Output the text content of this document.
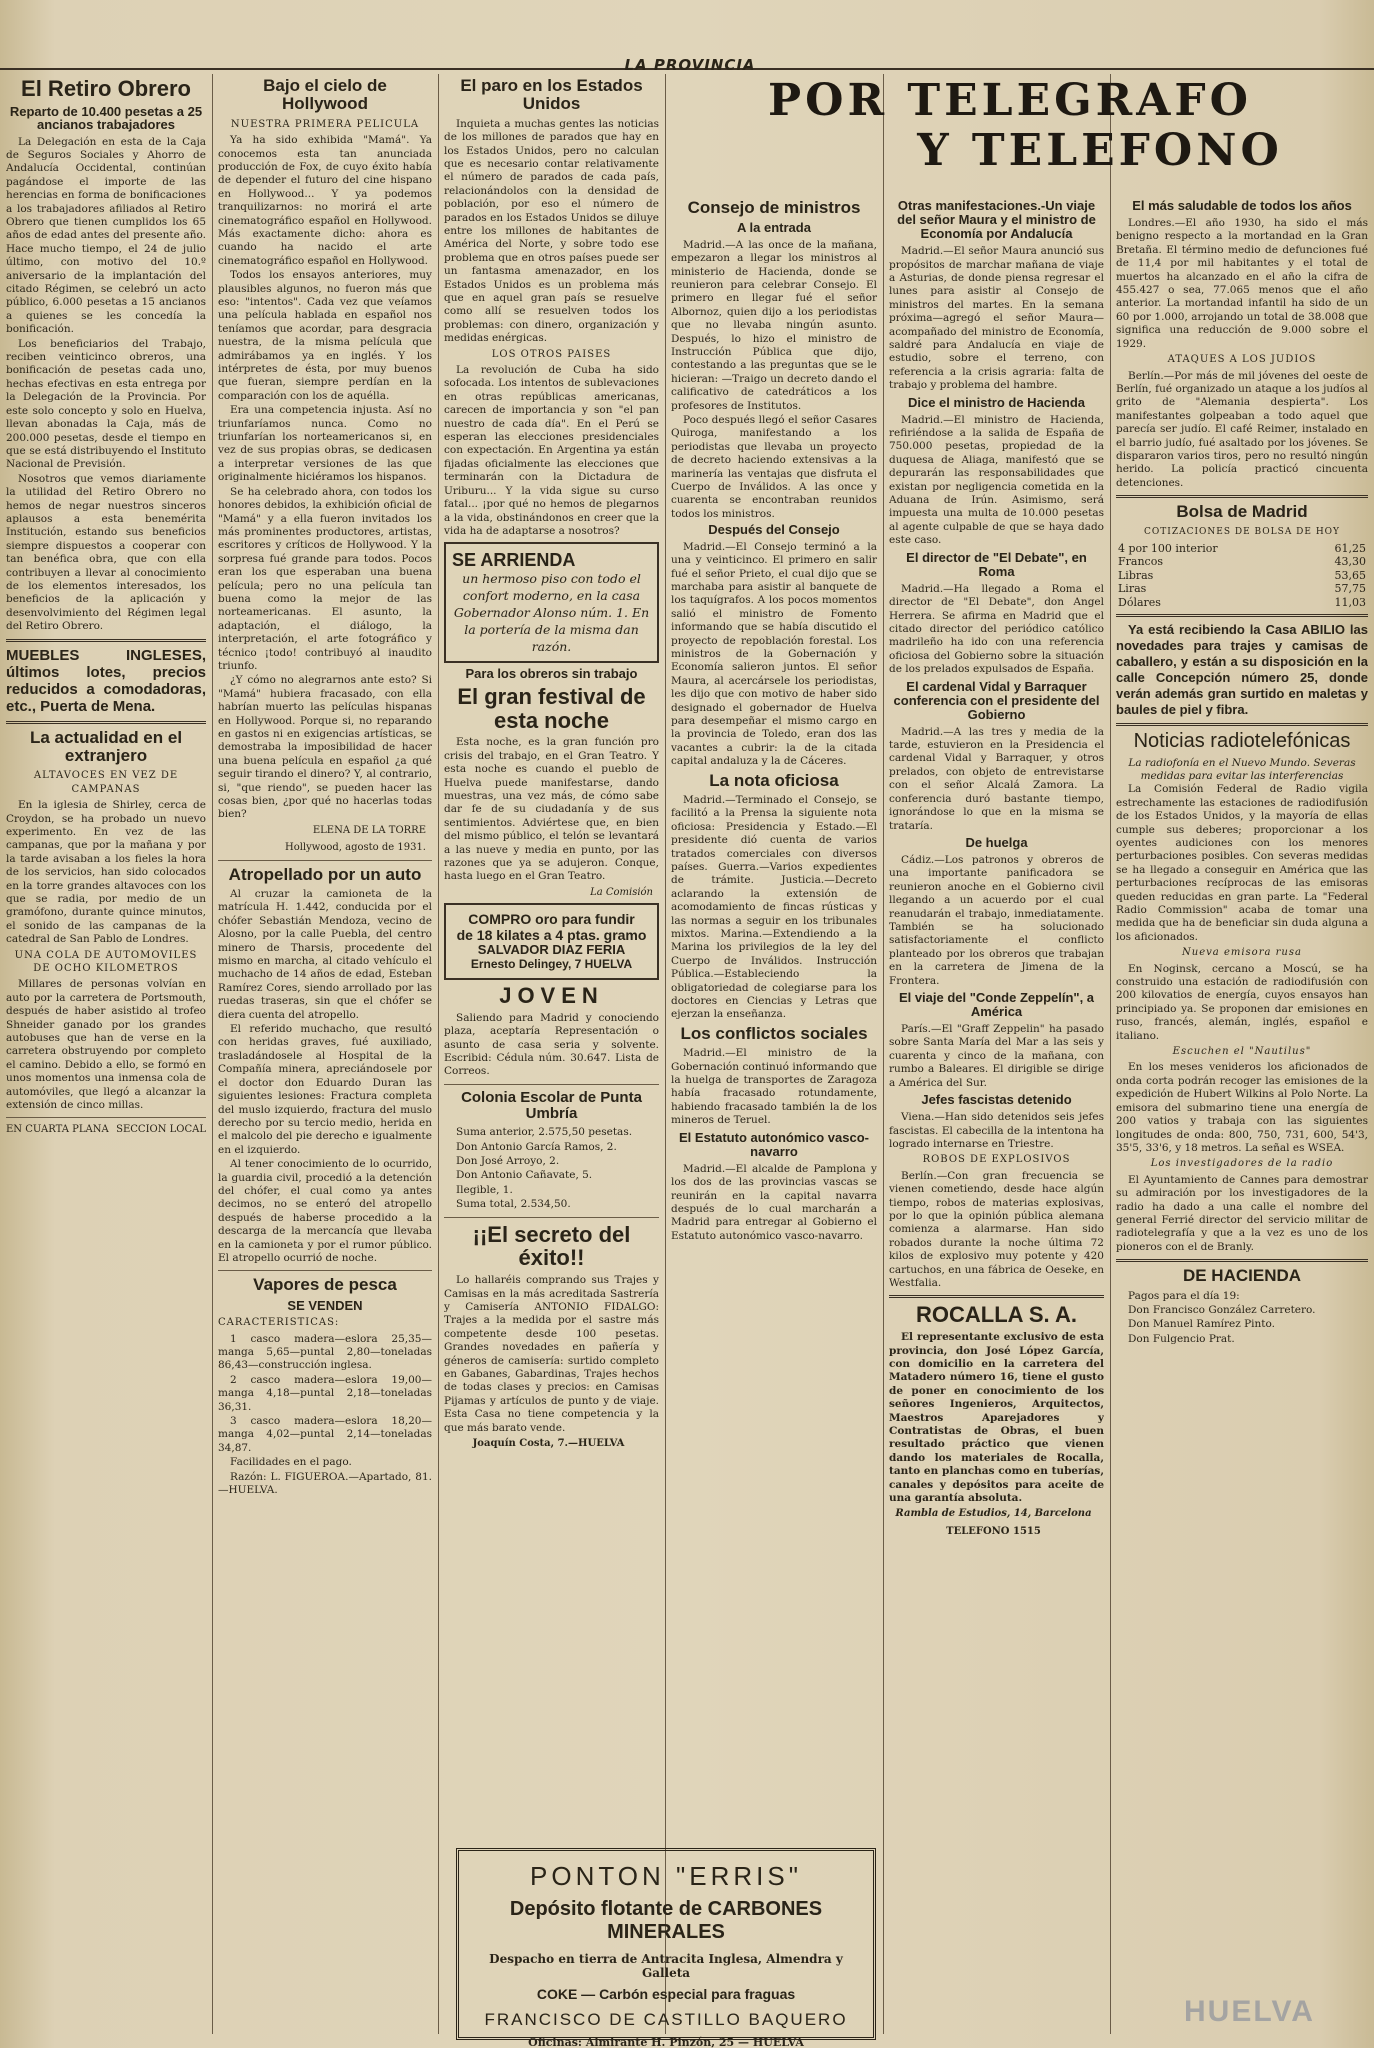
LA PROVINCIA
El Retiro Obrero
Reparto de 10.400 pesetas a 25 ancianos trabajadores

La Delegación en esta de la Caja de Seguros Sociales y Ahorro de Andalucía Occidental, continúan pagándose el importe de las herencias en forma de bonificaciones a los trabajadores afiliados al Retiro Obrero que tienen cumplidos los 65 años de edad antes del presente año. Hace mucho tiempo, el 24 de julio último, con motivo del 10.º aniversario de la implantación del citado Régimen, se celebró un acto público, 6.000 pesetas a 15 ancianos a quienes se les concedía la bonificación.

Los beneficiarios del Trabajo, reciben veinticinco obreros, una bonificación de pesetas cada uno, hechas efectivas en esta entrega por la Delegación de la Provincia. Por este solo concepto y solo en Huelva, llevan abonadas la Caja, más de 200.000 pesetas, desde el tiempo en que se está distribuyendo el Instituto Nacional de Previsión.

Nosotros que vemos diariamente la utilidad del Retiro Obrero no hemos de negar nuestros sinceros aplausos a esta benemérita Institución, estando sus beneficios siempre dispuestos a cooperar con tan benéfica obra, que con ella contribuyen a llevar al conocimiento de los elementos interesados, los beneficios de la aplicación y desenvolvimiento del Régimen legal del Retiro Obrero.

MUEBLES INGLESES, últimos lotes, precios reducidos a comodadoras, etc., Puerta de Mena.
La actualidad en el extranjero
ALTAVOCES EN VEZ DE CAMPANAS

En la iglesia de Shirley, cerca de Croydon, se ha probado un nuevo experimento. En vez de las campanas, que por la mañana y por la tarde avisaban a los fieles la hora de los servicios, han sido colocados en la torre grandes altavoces con los que se radia, por medio de un gramófono, durante quince minutos, el sonido de las campanas de la catedral de San Pablo de Londres.

UNA COLA DE AUTOMOVILES DE OCHO KILOMETROS

Millares de personas volvían en auto por la carretera de Portsmouth, después de haber asistido al trofeo Shneider ganado por los grandes autobuses que han de verse en la carretera obstruyendo por completo el camino. Debido a ello, se formó en unos momentos una inmensa cola de automóviles, que llegó a alcanzar la extensión de cinco millas.

EN CUARTA PLANA SECCION LOCAL
Bajo el cielo de Hollywood
NUESTRA PRIMERA PELICULA

Ya ha sido exhibida "Mamá". Ya conocemos esta tan anunciada producción de Fox, de cuyo éxito había de depender el futuro del cine hispano en Hollywood... Y ya podemos tranquilizarnos: no morirá el arte cinematográfico español en Hollywood. Más exactamente dicho: ahora es cuando ha nacido el arte cinematográfico español en Hollywood.

Todos los ensayos anteriores, muy plausibles algunos, no fueron más que eso: "intentos". Cada vez que veíamos una película hablada en español nos teníamos que acordar, para desgracia nuestra, de la misma película que admirábamos ya en inglés. Y los intérpretes de ésta, por muy buenos que fueran, siempre perdían en la comparación con los de aquélla.

Era una competencia injusta. Así no triunfaríamos nunca. Como no triunfarían los norteamericanos si, en vez de sus propias obras, se dedicasen a interpretar versiones de las que originalmente hiciéramos los hispanos.

Se ha celebrado ahora, con todos los honores debidos, la exhibición oficial de "Mamá" y a ella fueron invitados los más prominentes productores, artistas, escritores y críticos de Hollywood. Y la sorpresa fué grande para todos. Pocos eran los que esperaban una buena película; pero no una película tan buena como la mejor de las norteamericanas. El asunto, la adaptación, el diálogo, la interpretación, el arte fotográfico y técnico ¡todo! contribuyó al inaudito triunfo.

¿Y cómo no alegrarnos ante esto? Si "Mamá" hubiera fracasado, con ella habrían muerto las películas hispanas en Hollywood. Porque si, no reparando en gastos ni en exigencias artísticas, se demostraba la imposibilidad de hacer una buena película en español ¿a qué seguir tirando el dinero? Y, al contrario, si, "que riendo", se pueden hacer las cosas bien, ¿por qué no hacerlas todas bien?

ELENA DE LA TORRE
Hollywood, agosto de 1931.
Atropellado por un auto

Al cruzar la camioneta de la matrícula H. 1.442, conducida por el chófer Sebastián Mendoza, vecino de Alosno, por la calle Puebla, del centro minero de Tharsis, procedente del mismo en marcha, al citado vehículo el muchacho de 14 años de edad, Esteban Ramírez Cores, siendo arrollado por las ruedas traseras, sin que el chófer se diera cuenta del atropello.

El referido muchacho, que resultó con heridas graves, fué auxiliado, trasladándosele al Hospital de la Compañía minera, apreciándosele por el doctor don Eduardo Duran las siguientes lesiones: Fractura completa del muslo izquierdo, fractura del muslo derecho por su tercio medio, herida en el malcolo del pie derecho e igualmente en el izquierdo.

Al tener conocimiento de lo ocurrido, la guardia civil, procedió a la detención del chófer, el cual como ya antes decimos, no se enteró del atropello después de haberse procedido a la descarga de la mercancía que llevaba en la camioneta y por el rumor público. El atropello ocurrió de noche.

Vapores de pesca
SE VENDEN
CARACTERISTICAS:

1 casco madera—eslora 25,35—manga 5,65—puntal 2,80—toneladas 86,43—construcción inglesa.

2 casco madera—eslora 19,00—manga 4,18—puntal 2,18—toneladas 36,31.

3 casco madera—eslora 18,20—manga 4,02—puntal 2,14—toneladas 34,87.

Facilidades en el pago.

Razón: L. FIGUEROA.—Apartado, 81.—HUELVA.

El paro en los Estados Unidos

Inquieta a muchas gentes las noticias de los millones de parados que hay en los Estados Unidos, pero no calculan que es necesario contar relativamente el número de parados de cada país, relacionándolos con la densidad de población, por eso el número de parados en los Estados Unidos se diluye entre los millones de habitantes de América del Norte, y sobre todo ese problema que en otros países puede ser un fantasma amenazador, en los Estados Unidos es un problema más que en aquel gran país se resuelve como allí se resuelven todos los problemas: con dinero, organización y medidas enérgicas.

LOS OTROS PAISES

La revolución de Cuba ha sido sofocada. Los intentos de sublevaciones en otras repúblicas americanas, carecen de importancia y son "el pan nuestro de cada día". En el Perú se esperan las elecciones presidenciales con expectación. En Argentina ya están fijadas oficialmente las elecciones que terminarán con la Dictadura de Uriburu... Y la vida sigue su curso fatal... ¡por qué no hemos de plegarnos a la vida, obstinándonos en creer que la vida ha de adaptarse a nosotros?

SE ARRIENDA
un hermoso piso con todo el confort moderno, en la casa Gobernador Alonso núm. 1. En la portería de la misma dan razón.
Para los obreros sin trabajo
El gran festival de esta noche

Esta noche, es la gran función pro crisis del trabajo, en el Gran Teatro. Y esta noche es cuando el pueblo de Huelva puede manifestarse, dando muestras, una vez más, de cómo sabe dar fe de su ciudadanía y de sus sentimientos. Adviértese que, en bien del mismo público, el telón se levantará a las nueve y media en punto, por las razones que ya se adujeron. Conque, hasta luego en el Gran Teatro.

La Comisión
COMPRO oro para fundir
de 18 kilates a 4 ptas. gramo
SALVADOR DIAZ FERIA
Ernesto Delingey, 7 HUELVA
JOVEN

Saliendo para Madrid y conociendo plaza, aceptaría Representación o asunto de casa seria y solvente. Escribid: Cédula núm. 30.647. Lista de Correos.

Colonia Escolar de Punta Umbría

Suma anterior, 2.575,50 pesetas.

Don Antonio García Ramos, 2.

Don José Arroyo, 2.

Don Antonio Cañavate, 5.

Ilegible, 1.

Suma total, 2.534,50.

¡¡El secreto del éxito!!

Lo hallaréis comprando sus Trajes y Camisas en la más acreditada Sastrería y Camisería ANTONIO FIDALGO: Trajes a la medida por el sastre más competente desde 100 pesetas. Grandes novedades en pañería y géneros de camisería: surtido completo en Gabanes, Gabardinas, Trajes hechos de todas clases y precios: en Camisas Pijamas y artículos de punto y de viaje. Esta Casa no tiene competencia y la que más barato vende.

Joaquín Costa, 7.—HUELVA
POR TELEGRAFO
Y TELEFONO
Consejo de ministros
A la entrada

Madrid.—A las once de la mañana, empezaron a llegar los ministros al ministerio de Hacienda, donde se reunieron para celebrar Consejo. El primero en llegar fué el señor Albornoz, quien dijo a los periodistas que no llevaba ningún asunto. Después, lo hizo el ministro de Instrucción Pública que dijo, contestando a las preguntas que se le hicieran: —Traigo un decreto dando el calificativo de catedráticos a los profesores de Institutos.

Poco después llegó el señor Casares Quiroga, manifestando a los periodistas que llevaba un proyecto de decreto haciendo extensivas a la marinería las ventajas que disfruta el Cuerpo de Inválidos. A las once y cuarenta se encontraban reunidos todos los ministros.

Después del Consejo

Madrid.—El Consejo terminó a la una y veinticinco. El primero en salir fué el señor Prieto, el cual dijo que se marchaba para asistir al banquete de los taquígrafos. A los pocos momentos salió el ministro de Fomento informando que se había discutido el proyecto de repoblación forestal. Los ministros de la Gobernación y Economía salieron juntos. El señor Maura, al acercársele los periodistas, les dijo que con motivo de haber sido designado el gobernador de Huelva para desempeñar el mismo cargo en la provincia de Toledo, eran dos las vacantes a cubrir: la de la citada capital andaluza y la de Cáceres.

La nota oficiosa

Madrid.—Terminado el Consejo, se facilitó a la Prensa la siguiente nota oficiosa: Presidencia y Estado.—El presidente dió cuenta de varios tratados comerciales con diversos países. Guerra.—Varios expedientes de trámite. Justicia.—Decreto aclarando la extensión de acomodamiento de fincas rústicas y las normas a seguir en los tribunales mixtos. Marina.—Extendiendo a la Marina los privilegios de la ley del Cuerpo de Inválidos. Instrucción Pública.—Estableciendo la obligatoriedad de colegiarse para los doctores en Ciencias y Letras que ejerzan la enseñanza.

Los conflictos sociales

Madrid.—El ministro de la Gobernación continuó informando que la huelga de transportes de Zaragoza había fracasado rotundamente, habiendo fracasado también la de los mineros de Teruel.

El Estatuto autonómico vasco-navarro

Madrid.—El alcalde de Pamplona y los dos de las provincias vascas se reunirán en la capital navarra después de lo cual marcharán a Madrid para entregar al Gobierno el Estatuto autonómico vasco-navarro.

Otras manifestaciones.-Un viaje del señor Maura y el ministro de Economía por Andalucía

Madrid.—El señor Maura anunció sus propósitos de marchar mañana de viaje a Asturias, de donde piensa regresar el lunes para asistir al Consejo de ministros del martes. En la semana próxima—agregó el señor Maura—acompañado del ministro de Economía, saldré para Andalucía en viaje de estudio, sobre el terreno, con referencia a la crisis agraria: falta de trabajo y problema del hambre.

Dice el ministro de Hacienda

Madrid.—El ministro de Hacienda, refiriéndose a la salida de España de 750.000 pesetas, propiedad de la duquesa de Aliaga, manifestó que se depurarán las responsabilidades que existan por negligencia cometida en la Aduana de Irún. Asimismo, será impuesta una multa de 10.000 pesetas al agente culpable de que se haya dado este caso.

El director de "El Debate", en Roma

Madrid.—Ha llegado a Roma el director de "El Debate", don Angel Herrera. Se afirma en Madrid que el citado director del periódico católico madrileño ha ido con una referencia oficiosa del Gobierno sobre la situación de los prelados expulsados de España.

El cardenal Vidal y Barraquer conferencia con el presidente del Gobierno

Madrid.—A las tres y media de la tarde, estuvieron en la Presidencia el cardenal Vidal y Barraquer, y otros prelados, con objeto de entrevistarse con el señor Alcalá Zamora. La conferencia duró bastante tiempo, ignorándose lo que en la misma se trataría.

De huelga

Cádiz.—Los patronos y obreros de una importante panificadora se reunieron anoche en el Gobierno civil llegando a un acuerdo por el cual reanudarán el trabajo, inmediatamente. También se ha solucionado satisfactoriamente el conflicto planteado por los obreros que trabajan en la carretera de Jimena de la Frontera.

El viaje del "Conde Zeppelín", a América

París.—El "Graff Zeppelin" ha pasado sobre Santa María del Mar a las seis y cuarenta y cinco de la mañana, con rumbo a Baleares. El dirigible se dirige a América del Sur.

Jefes fascistas detenido

Viena.—Han sido detenidos seis jefes fascistas. El cabecilla de la intentona ha logrado internarse en Triestre.

ROBOS DE EXPLOSIVOS

Berlín.—Con gran frecuencia se vienen cometiendo, desde hace algún tiempo, robos de materias explosivas, por lo que la opinión pública alemana comienza a alarmarse. Han sido robados durante la noche última 72 kilos de explosivo muy potente y 420 cartuchos, en una fábrica de Oeseke, en Westfalia.

ROCALLA S. A.

El representante exclusivo de esta provincia, don José López García, con domicilio en la carretera del Matadero número 16, tiene el gusto de poner en conocimiento de los señores Ingenieros, Arquitectos, Maestros Aparejadores y Contratistas de Obras, el buen resultado práctico que vienen dando los materiales de Rocalla, tanto en planchas como en tuberías, canales y depósitos para aceite de una garantía absoluta.

Rambla de Estudios, 14, Barcelona
TELEFONO 1515
El más saludable de todos los años

Londres.—El año 1930, ha sido el más benigno respecto a la mortandad en la Gran Bretaña. El término medio de defunciones fué de 11,4 por mil habitantes y el total de muertos ha alcanzado en el año la cifra de 455.427 o sea, 77.065 menos que el año anterior. La mortandad infantil ha sido de un 60 por 1.000, arrojando un total de 38.008 que significa una reducción de 9.000 sobre el 1929.

ATAQUES A LOS JUDIOS

Berlín.—Por más de mil jóvenes del oeste de Berlín, fué organizado un ataque a los judíos al grito de "Alemania despierta". Los manifestantes golpeaban a todo aquel que parecía ser judío. El café Reimer, instalado en el barrio judío, fué asaltado por los jóvenes. Se dispararon varios tiros, pero no resultó ningún herido. La policía practicó cincuenta detenciones.

Bolsa de Madrid
COTIZACIONES DE BOLSA DE HOY
4 por 100 interior	61,25
Francos	43,30
Libras	53,65
Liras	57,75
Dólares	11,03

Ya está recibiendo la Casa ABILIO las novedades para trajes y camisas de caballero, y están a su disposición en la calle Concepción número 25, donde verán además gran surtido en maletas y baules de piel y fibra.

Noticias radiotelefónicas
La radiofonía en el Nuevo Mundo. Severas medidas para evitar las interferencias

La Comisión Federal de Radio vigila estrechamente las estaciones de radiodifusión de los Estados Unidos, y la mayoría de ellas cumple sus deberes; proporcionar a los oyentes audiciones con los menores perturbaciones posibles. Con severas medidas se ha llegado a conseguir en América que las perturbaciones recíprocas de las emisoras queden reducidas en gran parte. La "Federal Radio Commission" acaba de tomar una medida que ha de beneficiar sin duda alguna a los aficionados.

Nueva emisora rusa

En Noginsk, cercano a Moscú, se ha construido una estación de radiodifusión con 200 kilovatios de energía, cuyos ensayos han principiado ya. Se proponen dar emisiones en ruso, francés, alemán, inglés, español e italiano.

Escuchen el "Nautilus"

En los meses venideros los aficionados de onda corta podrán recoger las emisiones de la expedición de Hubert Wilkins al Polo Norte. La emisora del submarino tiene una energía de 200 vatios y trabaja con las siguientes longitudes de onda: 800, 750, 731, 600, 54'3, 35'5, 33'6, y 18 metros. La señal es WSEA.

Los investigadores de la radio

El Ayuntamiento de Cannes para demostrar su admiración por los investigadores de la radio ha dado a una calle el nombre del general Ferrié director del servicio militar de radiotelegrafía y que a la vez es uno de los pioneros con el de Branly.

DE HACIENDA

Pagos para el día 19:

Don Francisco González Carretero.

Don Manuel Ramírez Pinto.

Don Fulgencio Prat.

PONTON "ERRIS"
Depósito flotante de CARBONES MINERALES
Despacho en tierra de Antracita Inglesa, Almendra y Galleta
COKE — Carbón especial para fraguas
FRANCISCO DE CASTILLO BAQUERO
Oficinas: Almirante H. Pinzón, 25 — HUELVA
HUELVA
